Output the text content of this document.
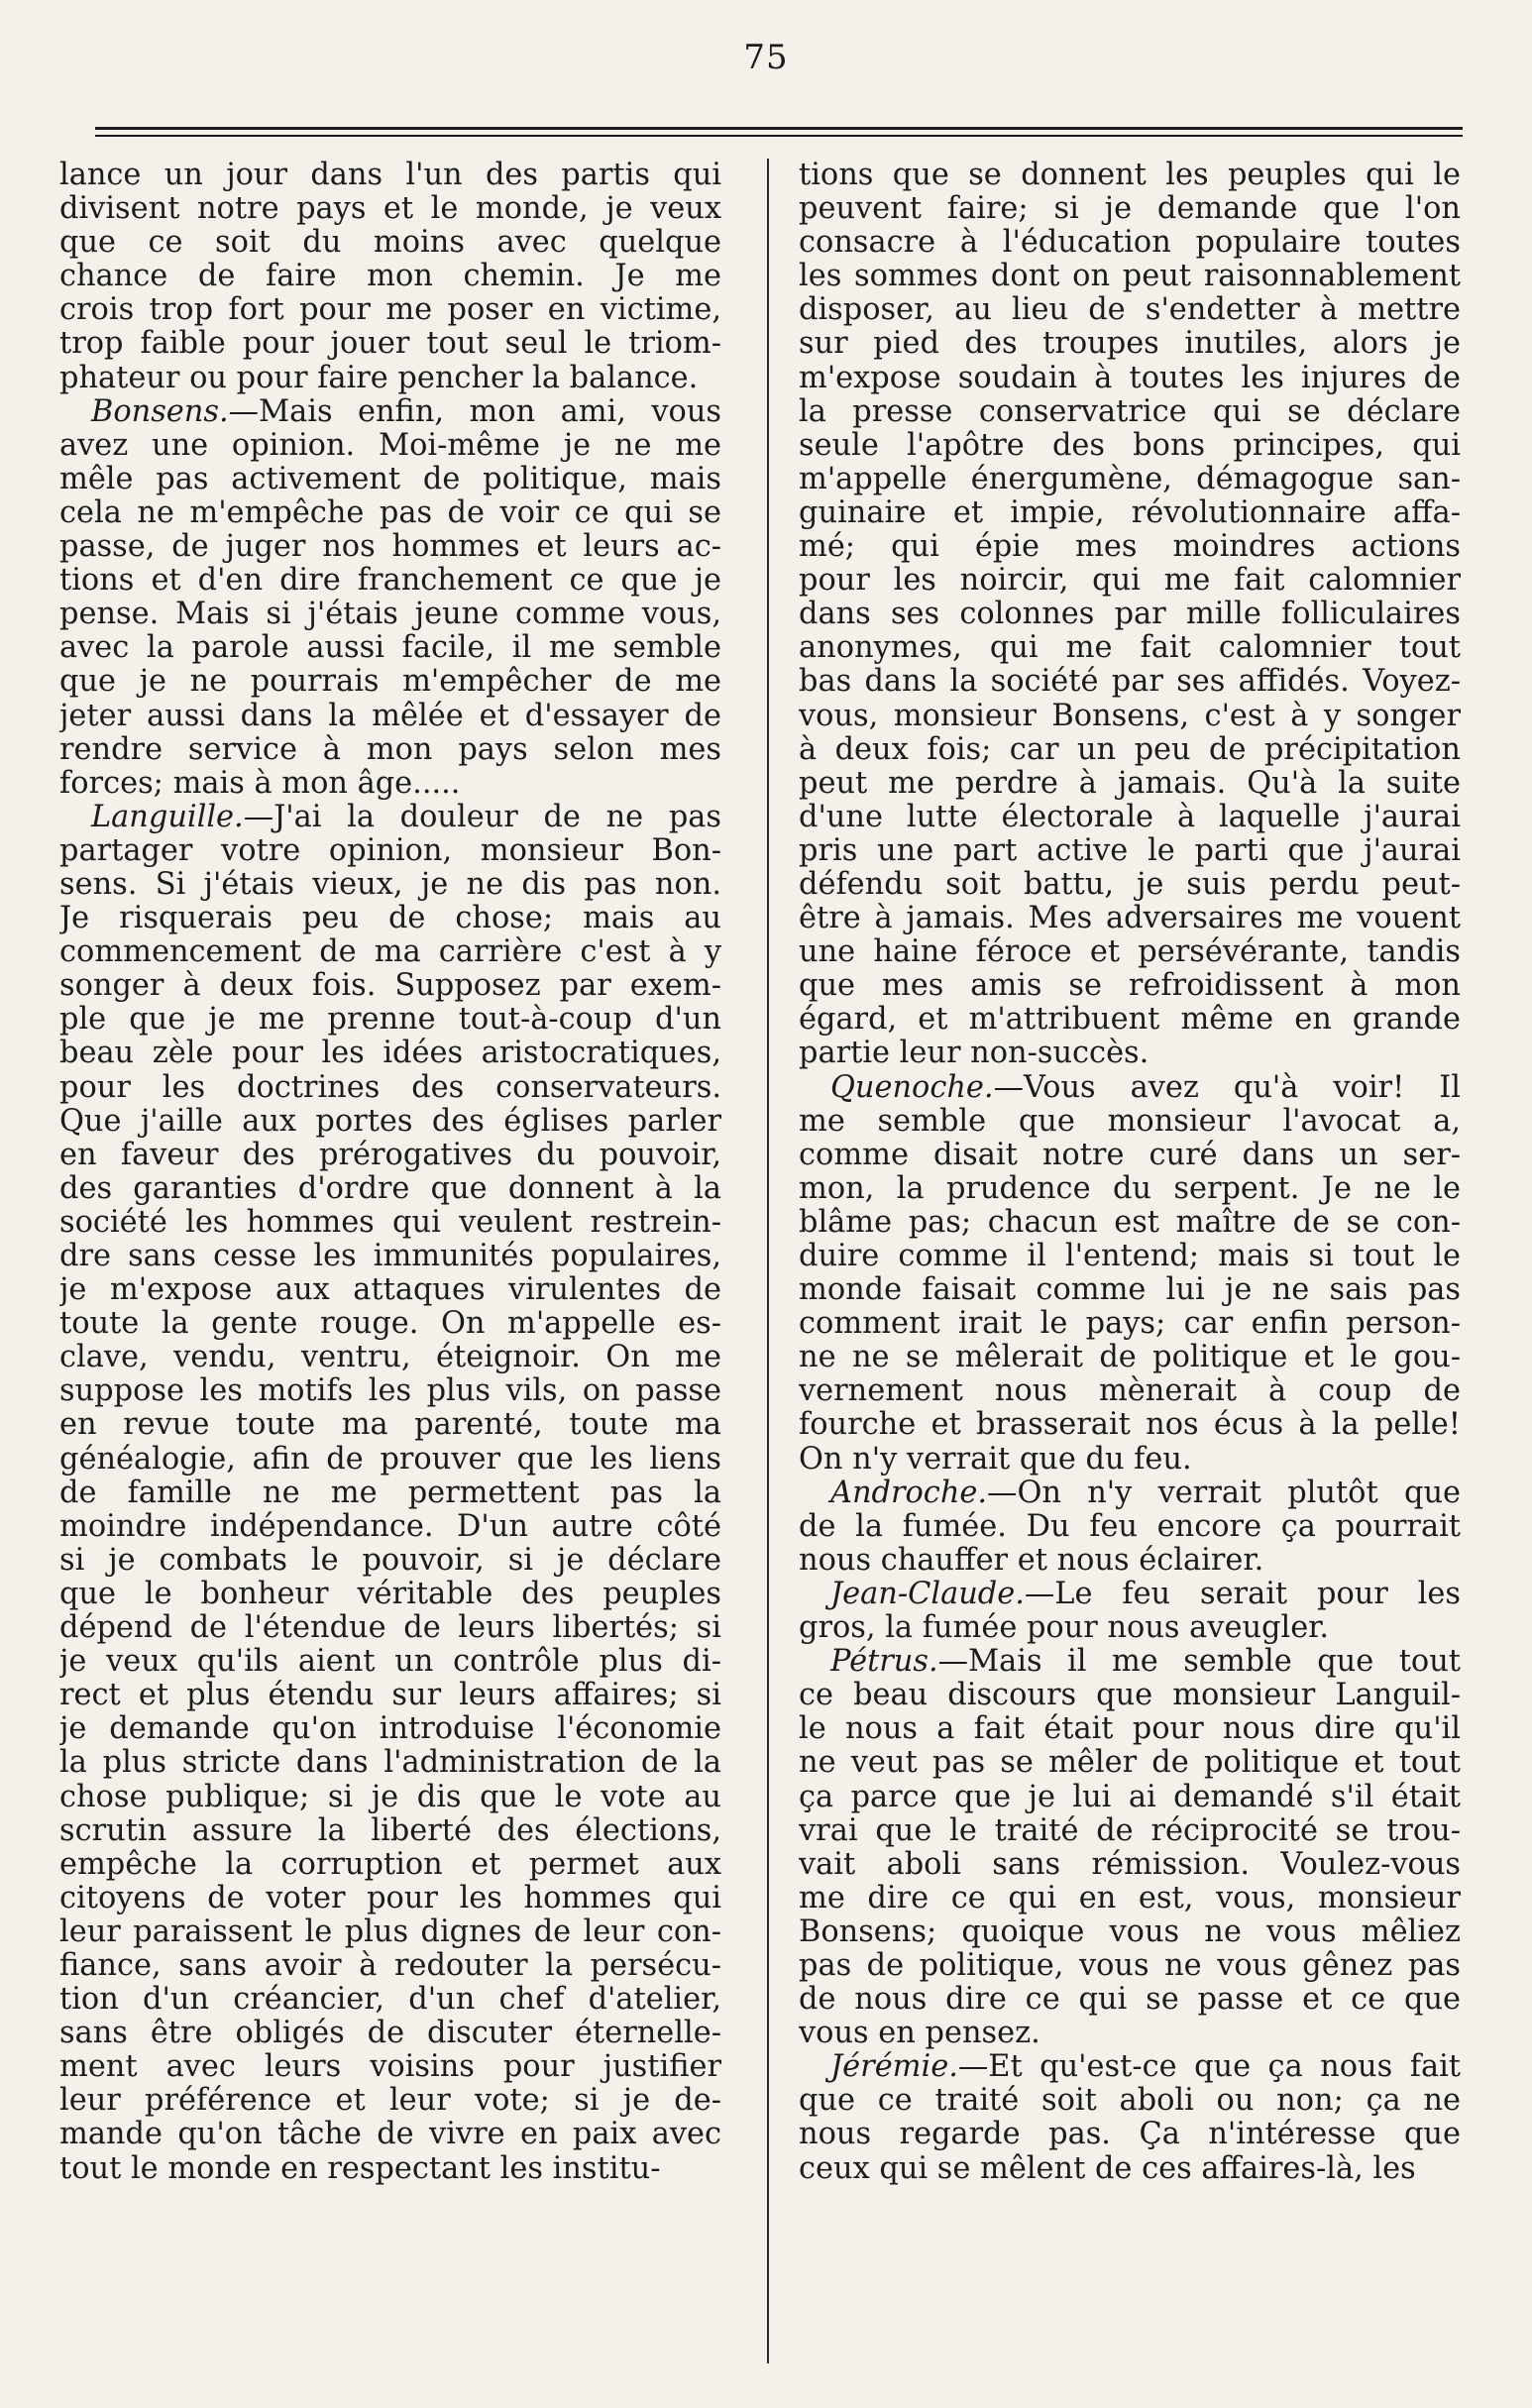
75
lance un jour dans l'un des partis qui
divisent notre pays et le monde, je veux
que ce soit du moins avec quelque
chance de faire mon chemin. Je me
crois trop fort pour me poser en victime,
trop faible pour jouer tout seul le triom-
phateur ou pour faire pencher la balance.
Bonsens.—Mais enfin, mon ami, vous
avez une opinion. Moi-même je ne me
mêle pas activement de politique, mais
cela ne m'empêche pas de voir ce qui se
passe, de juger nos hommes et leurs ac-
tions et d'en dire franchement ce que je
pense. Mais si j'étais jeune comme vous,
avec la parole aussi facile, il me semble
que je ne pourrais m'empêcher de me
jeter aussi dans la mêlée et d'essayer de
rendre service à mon pays selon mes
forces; mais à mon âge.....
Languille.—J'ai la douleur de ne pas
partager votre opinion, monsieur Bon-
sens. Si j'étais vieux, je ne dis pas non.
Je risquerais peu de chose; mais au
commencement de ma carrière c'est à y
songer à deux fois. Supposez par exem-
ple que je me prenne tout-à-coup d'un
beau zèle pour les idées aristocratiques,
pour les doctrines des conservateurs.
Que j'aille aux portes des églises parler
en faveur des prérogatives du pouvoir,
des garanties d'ordre que donnent à la
société les hommes qui veulent restrein-
dre sans cesse les immunités populaires,
je m'expose aux attaques virulentes de
toute la gente rouge. On m'appelle es-
clave, vendu, ventru, éteignoir. On me
suppose les motifs les plus vils, on passe
en revue toute ma parenté, toute ma
généalogie, afin de prouver que les liens
de famille ne me permettent pas la
moindre indépendance. D'un autre côté
si je combats le pouvoir, si je déclare
que le bonheur véritable des peuples
dépend de l'étendue de leurs libertés; si
je veux qu'ils aient un contrôle plus di-
rect et plus étendu sur leurs affaires; si
je demande qu'on introduise l'économie
la plus stricte dans l'administration de la
chose publique; si je dis que le vote au
scrutin assure la liberté des élections,
empêche la corruption et permet aux
citoyens de voter pour les hommes qui
leur paraissent le plus dignes de leur con-
fiance, sans avoir à redouter la persécu-
tion d'un créancier, d'un chef d'atelier,
sans être obligés de discuter éternelle-
ment avec leurs voisins pour justifier
leur préférence et leur vote; si je de-
mande qu'on tâche de vivre en paix avec
tout le monde en respectant les institu-
tions que se donnent les peuples qui le
peuvent faire; si je demande que l'on
consacre à l'éducation populaire toutes
les sommes dont on peut raisonnablement
disposer, au lieu de s'endetter à mettre
sur pied des troupes inutiles, alors je
m'expose soudain à toutes les injures de
la presse conservatrice qui se déclare
seule l'apôtre des bons principes, qui
m'appelle énergumène, démagogue san-
guinaire et impie, révolutionnaire affa-
mé; qui épie mes moindres actions
pour les noircir, qui me fait calomnier
dans ses colonnes par mille folliculaires
anonymes, qui me fait calomnier tout
bas dans la société par ses affidés. Voyez-
vous, monsieur Bonsens, c'est à y songer
à deux fois; car un peu de précipitation
peut me perdre à jamais. Qu'à la suite
d'une lutte électorale à laquelle j'aurai
pris une part active le parti que j'aurai
défendu soit battu, je suis perdu peut-
être à jamais. Mes adversaires me vouent
une haine féroce et persévérante, tandis
que mes amis se refroidissent à mon
égard, et m'attribuent même en grande
partie leur non-succès.
Quenoche.—Vous avez qu'à voir! Il
me semble que monsieur l'avocat a,
comme disait notre curé dans un ser-
mon, la prudence du serpent. Je ne le
blâme pas; chacun est maître de se con-
duire comme il l'entend; mais si tout le
monde faisait comme lui je ne sais pas
comment irait le pays; car enfin person-
ne ne se mêlerait de politique et le gou-
vernement nous mènerait à coup de
fourche et brasserait nos écus à la pelle!
On n'y verrait que du feu.
Androche.—On n'y verrait plutôt que
de la fumée. Du feu encore ça pourrait
nous chauffer et nous éclairer.
Jean-Claude.—Le feu serait pour les
gros, la fumée pour nous aveugler.
Pétrus.—Mais il me semble que tout
ce beau discours que monsieur Languil-
le nous a fait était pour nous dire qu'il
ne veut pas se mêler de politique et tout
ça parce que je lui ai demandé s'il était
vrai que le traité de réciprocité se trou-
vait aboli sans rémission. Voulez-vous
me dire ce qui en est, vous, monsieur
Bonsens; quoique vous ne vous mêliez
pas de politique, vous ne vous gênez pas
de nous dire ce qui se passe et ce que
vous en pensez.
Jérémie.—Et qu'est-ce que ça nous fait
que ce traité soit aboli ou non; ça ne
nous regarde pas. Ça n'intéresse que
ceux qui se mêlent de ces affaires-là, les
